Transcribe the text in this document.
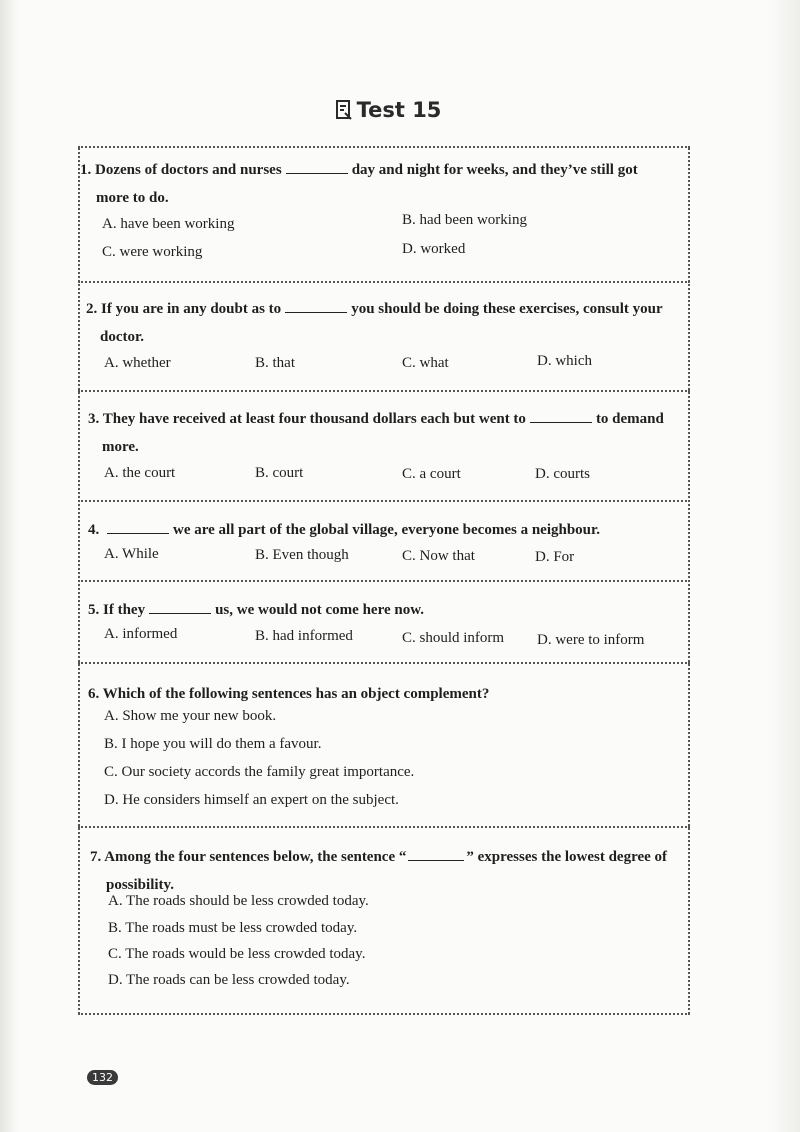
Test 15
1. Dozens of doctors and nurses	day and night for weeks, and they’ve still got
more to do.
A. have been working	B. had been working
C. were working	D. worked
2. If you are in any doubt as to	you should be doing these exercises, consult your
doctor.
A. whether	B. that	C. what	D. which
3. They have received at least four thousand dollars each but went to	to demand
more.
A. the court	B. court	C. a court	D. courts
4.	we are all part of the global village, everyone becomes a neighbour.
A. While	B. Even though	C. Now that	D. For
5. If they	us, we would not come here now.
A. informed	B. had informed	C. should inform D. were to inform
6. Which of the following sentences has an object complement?
A. Show me your new book.
B. I hope you will do them a favour.
C. Our society accords the family great importance.
D. He considers himself an expert on the subject.
7. Among the four sentences below, the sentence “	” expresses the lowest degree of
possibility.
A. The roads should be less crowded today.
B. The roads must be less crowded today.
C. The roads would be less crowded today.
D. The roads can be less crowded today.
132
